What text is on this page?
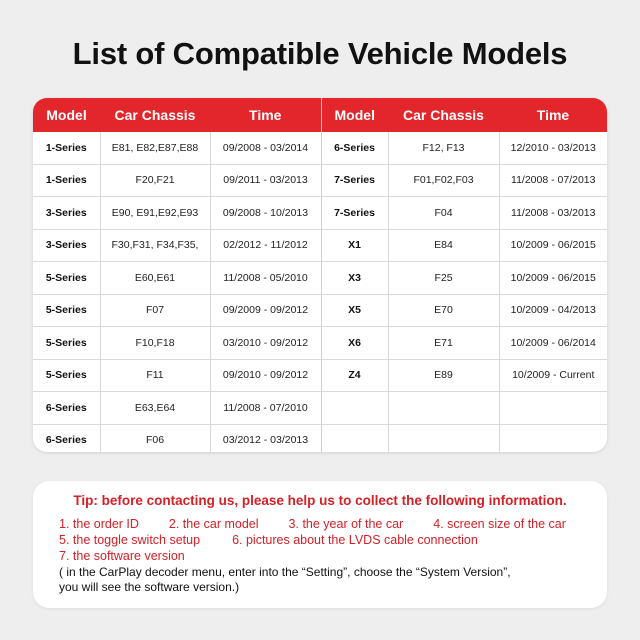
List of Compatible Vehicle Models
Model	Car Chassis	Time	Model	Car Chassis	Time
1-Series	E81, E82,E87,E88	09/2008 - 03/2014	6-Series	F12, F13	12/2010 - 03/2013
1-Series	F20,F21	09/2011 - 03/2013	7-Series	F01,F02,F03	11/2008 - 07/2013
3-Series	E90, E91,E92,E93	09/2008 - 10/2013	7-Series	F04	11/2008 - 03/2013
3-Series	F30,F31, F34,F35,	02/2012 - 11/2012	X1	E84	10/2009 - 06/2015
5-Series	E60,E61	11/2008 - 05/2010	X3	F25	10/2009 - 06/2015
5-Series	F07	09/2009 - 09/2012	X5	E70	10/2009 - 04/2013
5-Series	F10,F18	03/2010 - 09/2012	X6	E71	10/2009 - 06/2014
5-Series	F11	09/2010 - 09/2012	Z4	E89	10/2009 - Current
6-Series	E63,E64	11/2008 - 07/2010			
6-Series	F06	03/2012 - 03/2013			
Tip: before contacting us, please help us to collect the following information.
1. the order ID 2. the car model 3. the year of the car 4. screen size of the car
5. the toggle switch setup	6. pictures about the LVDS cable connection
7. the software version
( in the CarPlay decoder menu, enter into the “Setting”, choose the “System Version”,
you will see the software version.)
